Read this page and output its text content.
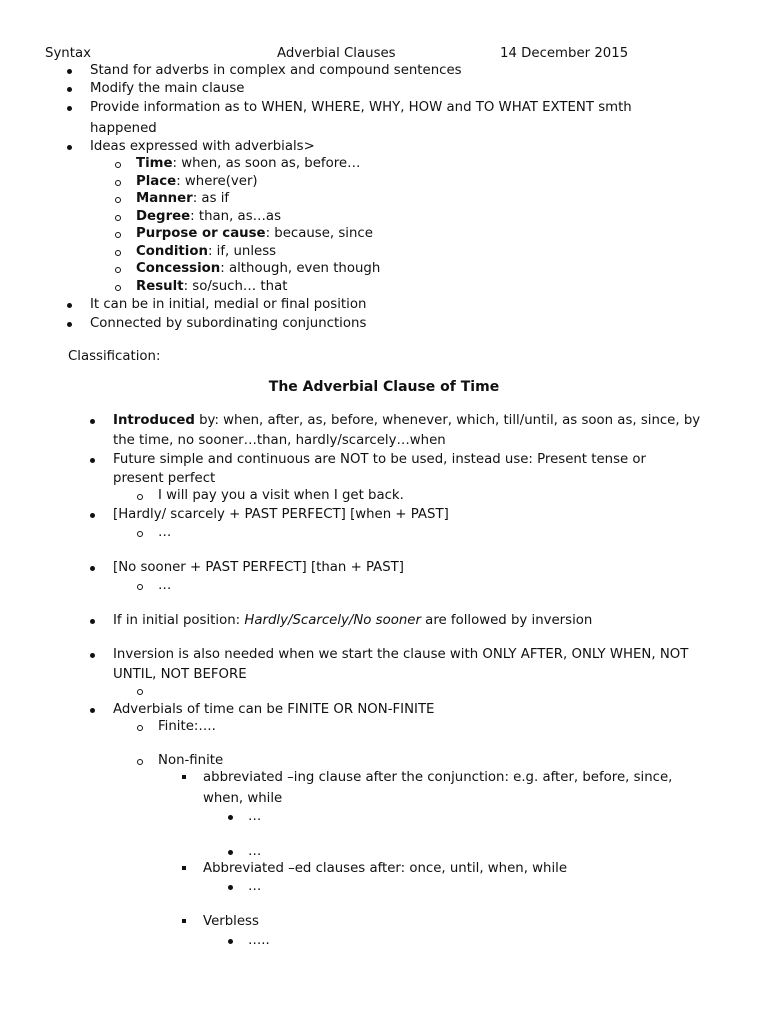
Syntax	Adverbial Clauses	14 December 2015
Stand for adverbs in complex and compound sentences
Modify the main clause
Provide information as to WHEN, WHERE, WHY, HOW and TO WHAT EXTENT smth
happened
Ideas expressed with adverbials>
Time: when, as soon as, before…
Place: where(ver)
Manner: as if
Degree: than, as…as
Purpose or cause: because, since
Condition: if, unless
Concession: although, even though
Result: so/such… that
It can be in initial, medial or final position
Connected by subordinating conjunctions
Classification:
The Adverbial Clause of Time
Introduced by: when, after, as, before, whenever, which, till/until, as soon as, since, by
the time, no sooner…than, hardly/scarcely…when
Future simple and continuous are NOT to be used, instead use: Present tense or
present perfect
I will pay you a visit when I get back.
[Hardly/ scarcely + PAST PERFECT] [when + PAST]
…
[No sooner + PAST PERFECT] [than + PAST]
…
If in initial position: Hardly/Scarcely/No sooner are followed by inversion
Inversion is also needed when we start the clause with ONLY AFTER, ONLY WHEN, NOT
UNTIL, NOT BEFORE
Adverbials of time can be FINITE OR NON-FINITE
Finite:….
Non-finite
abbreviated –ing clause after the conjunction: e.g. after, before, since,
when, while
…
…
Abbreviated –ed clauses after: once, until, when, while
…
Verbless
…..
